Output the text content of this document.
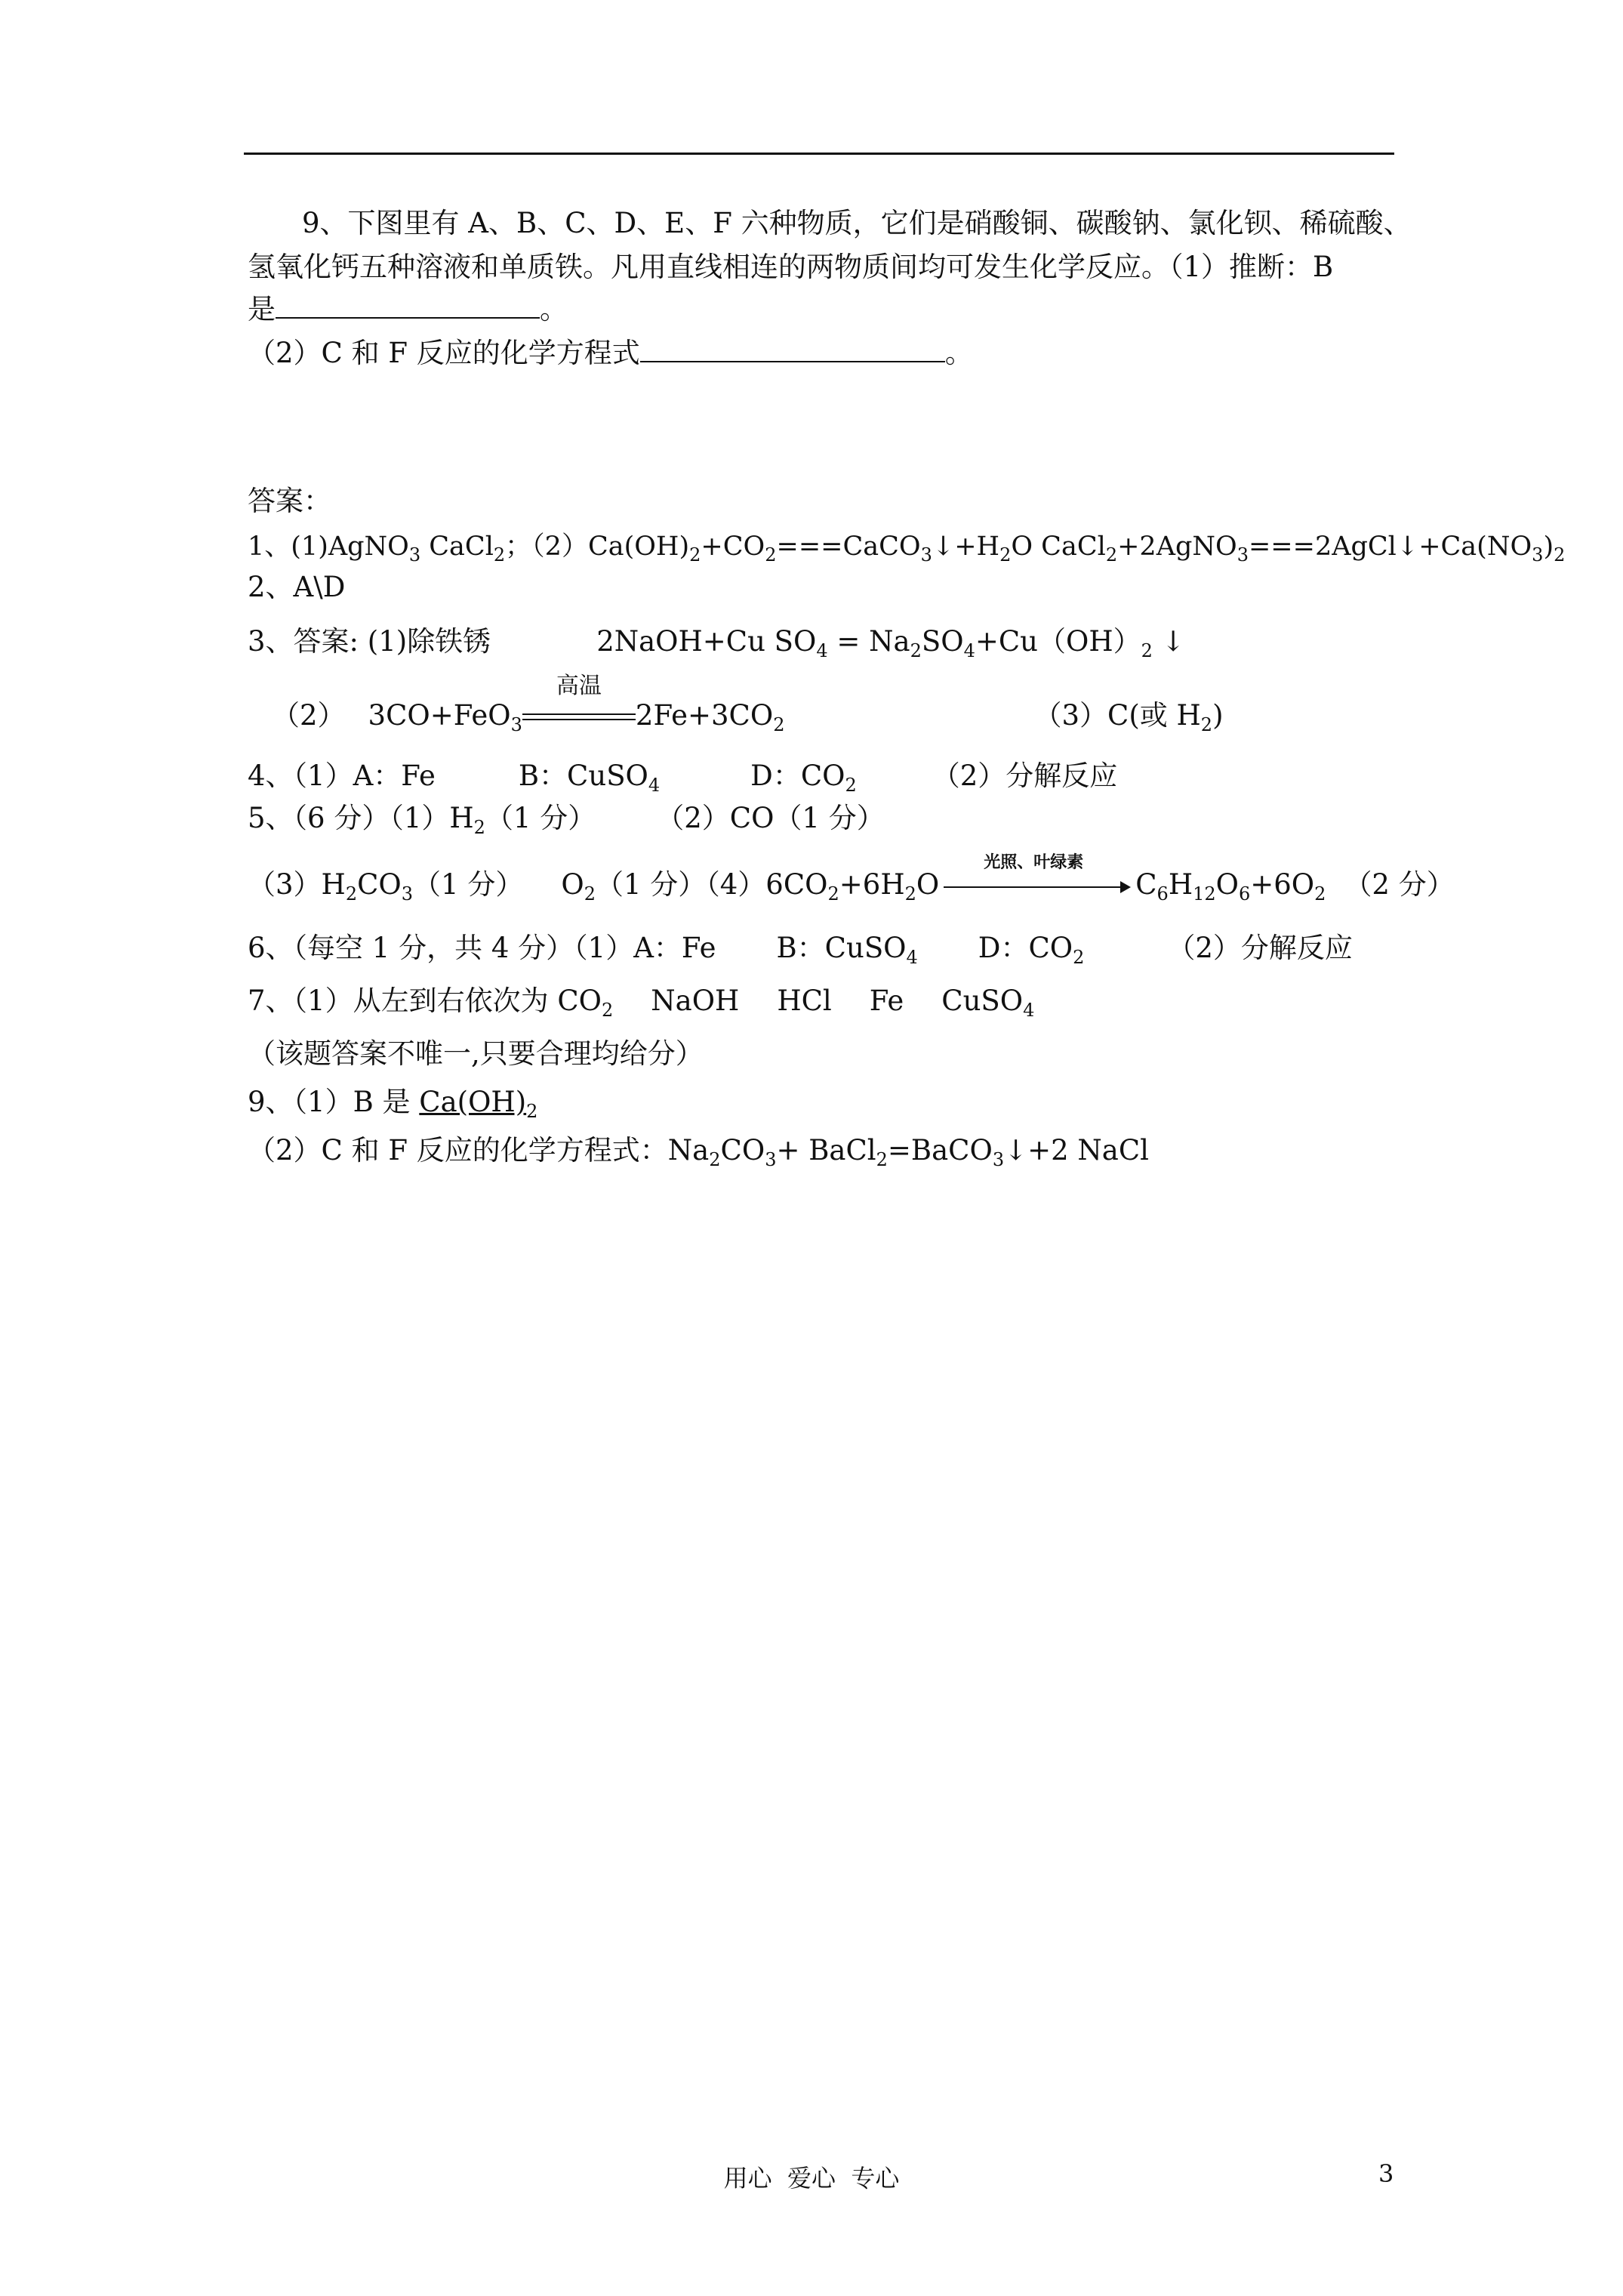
9、下图里有 A、B、C、D、E、F 六种物质，它们是硝酸铜、碳酸钠、氯化钡、稀硫酸、
氢氧化钙五种溶液和单质铁。凡用直线相连的两物质间均可发生化学反应。（1）推断：B
是	。
（2）C 和 F 反应的化学方程式	。
答案：
1、(1)AgNO$_3$ CaCl$_2$；$(2)Ca(OH)_2+CO_2===CaCO_3↓+H_2O$ $CaCl_2+2AgNO_3===2AgCl↓+Ca(NO_3)_2$
2、A\D
3、答案: (1)除铁锈	2NaOH+Cu $SO_4 = Na_2SO_4+Cu(OH)_2$ ↓
（2） 3CO+FeO$_3$
高温
$2Fe+3CO_2$	（3）C(或 $H_2$)
4、（1）A：Fe	B：CuSO$_4$	D：$CO_2$	（2）分解反应
5、（6 分）$(1)H_2(1$ 分） （2）CO（1 分）
$(3)H_2CO_3(1$ 分） $O_2(1$ 分）$(4)6CO_2+6H_2O$
光照、叶绿素
$C_6H_{12}O_6+6O_2$ （2 分）
6、（每空 1 分，共 4 分）（1）A：Fe B：CuSO$_4$ D：$CO_2$	（2）分解反应
7、（1）从左到右依次为 $CO_2$ NaOH HCl Fe CuSO$_4$
（该题答案不唯一,只要合理均给分）
9、（1）B 是 $Ca(OH)_2$
（2）C 和 F 反应的化学方程式：$Na_2CO_3+$ BaCl$_2$=BaCO$_3$↓+2 NaCl
用心  爱心  专心	3
